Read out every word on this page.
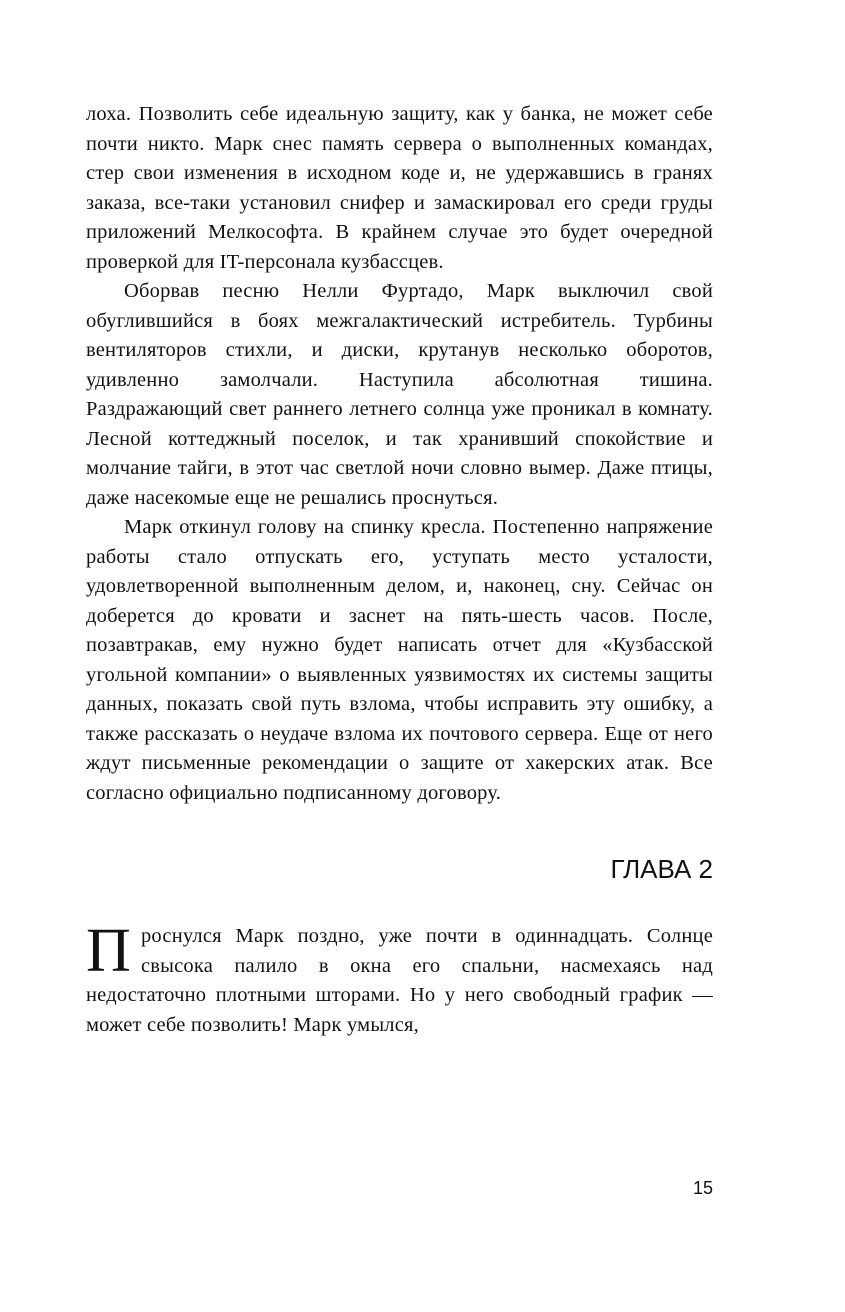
лоха. Позволить себе идеальную защиту, как у банка, не может себе почти никто. Марк снес память сервера о выполненных командах, стер свои изменения в исходном коде и, не удержавшись в гранях заказа, все-таки установил снифер и замаскировал его среди груды приложений Мелкософта. В крайнем случае это будет очередной проверкой для IT-персонала кузбассцев.

Оборвав песню Нелли Фуртадо, Марк выключил свой обуглившийся в боях межгалактический истребитель. Турбины вентиляторов стихли, и диски, крутанув несколько оборотов, удивленно замолчали. Наступила абсолютная тишина. Раздражающий свет раннего летнего солнца уже проникал в комнату. Лесной коттеджный поселок, и так хранивший спокойствие и молчание тайги, в этот час светлой ночи словно вымер. Даже птицы, даже насекомые еще не решались проснуться.

Марк откинул голову на спинку кресла. Постепенно напряжение работы стало отпускать его, уступать место усталости, удовлетворенной выполненным делом, и, наконец, сну. Сейчас он доберется до кровати и заснет на пять-шесть часов. После, позавтракав, ему нужно будет написать отчет для «Кузбасской угольной компании» о выявленных уязвимостях их системы защиты данных, показать свой путь взлома, чтобы исправить эту ошибку, а также рассказать о неудаче взлома их почтового сервера. Еще от него ждут письменные рекомендации о защите от хакерских атак. Все согласно официально подписанному договору.

ГЛАВА 2

Проснулся Марк поздно, уже почти в одиннадцать. Солнце свысока палило в окна его спальни, насмехаясь над недостаточно плотными шторами. Но у него свободный график — может себе позволить! Марк умылся,

15
